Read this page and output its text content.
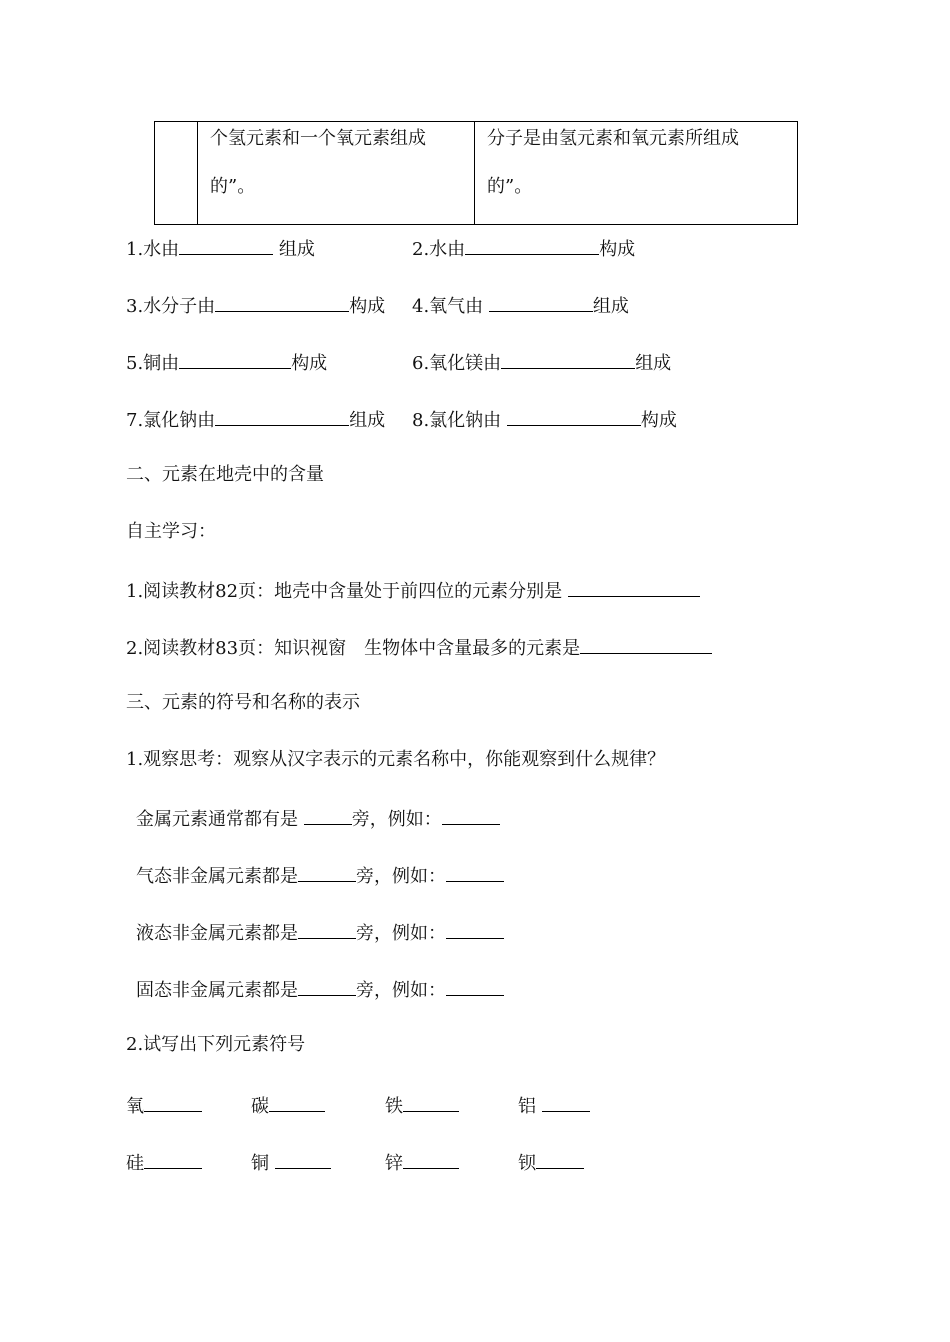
个氢元素和一个氧元素组成
的”。

分子是由氢元素和氧元素所组成
的”。
1.水由	组成	2.水由	构成
3.水分子由	构成 4.氧气由	组成
5.铜由	构成	6.氧化镁由	组成
7.氯化钠由	组成 8.氯化钠由	构成
二、元素在地壳中的含量
自主学习：
1.阅读教材82页：地壳中含量处于前四位的元素分别是
2.阅读教材83页：知识视窗　生物体中含量最多的元素是
三、元素的符号和名称的表示
1.观察思考：观察从汉字表示的元素名称中，你能观察到什么规律？
金属元素通常都有是	旁，例如：
气态非金属元素都是	旁，例如：
液态非金属元素都是	旁，例如：
固态非金属元素都是	旁，例如：
2.试写出下列元素符号
氧	碳	铁	铝
硅	铜	锌	钡
